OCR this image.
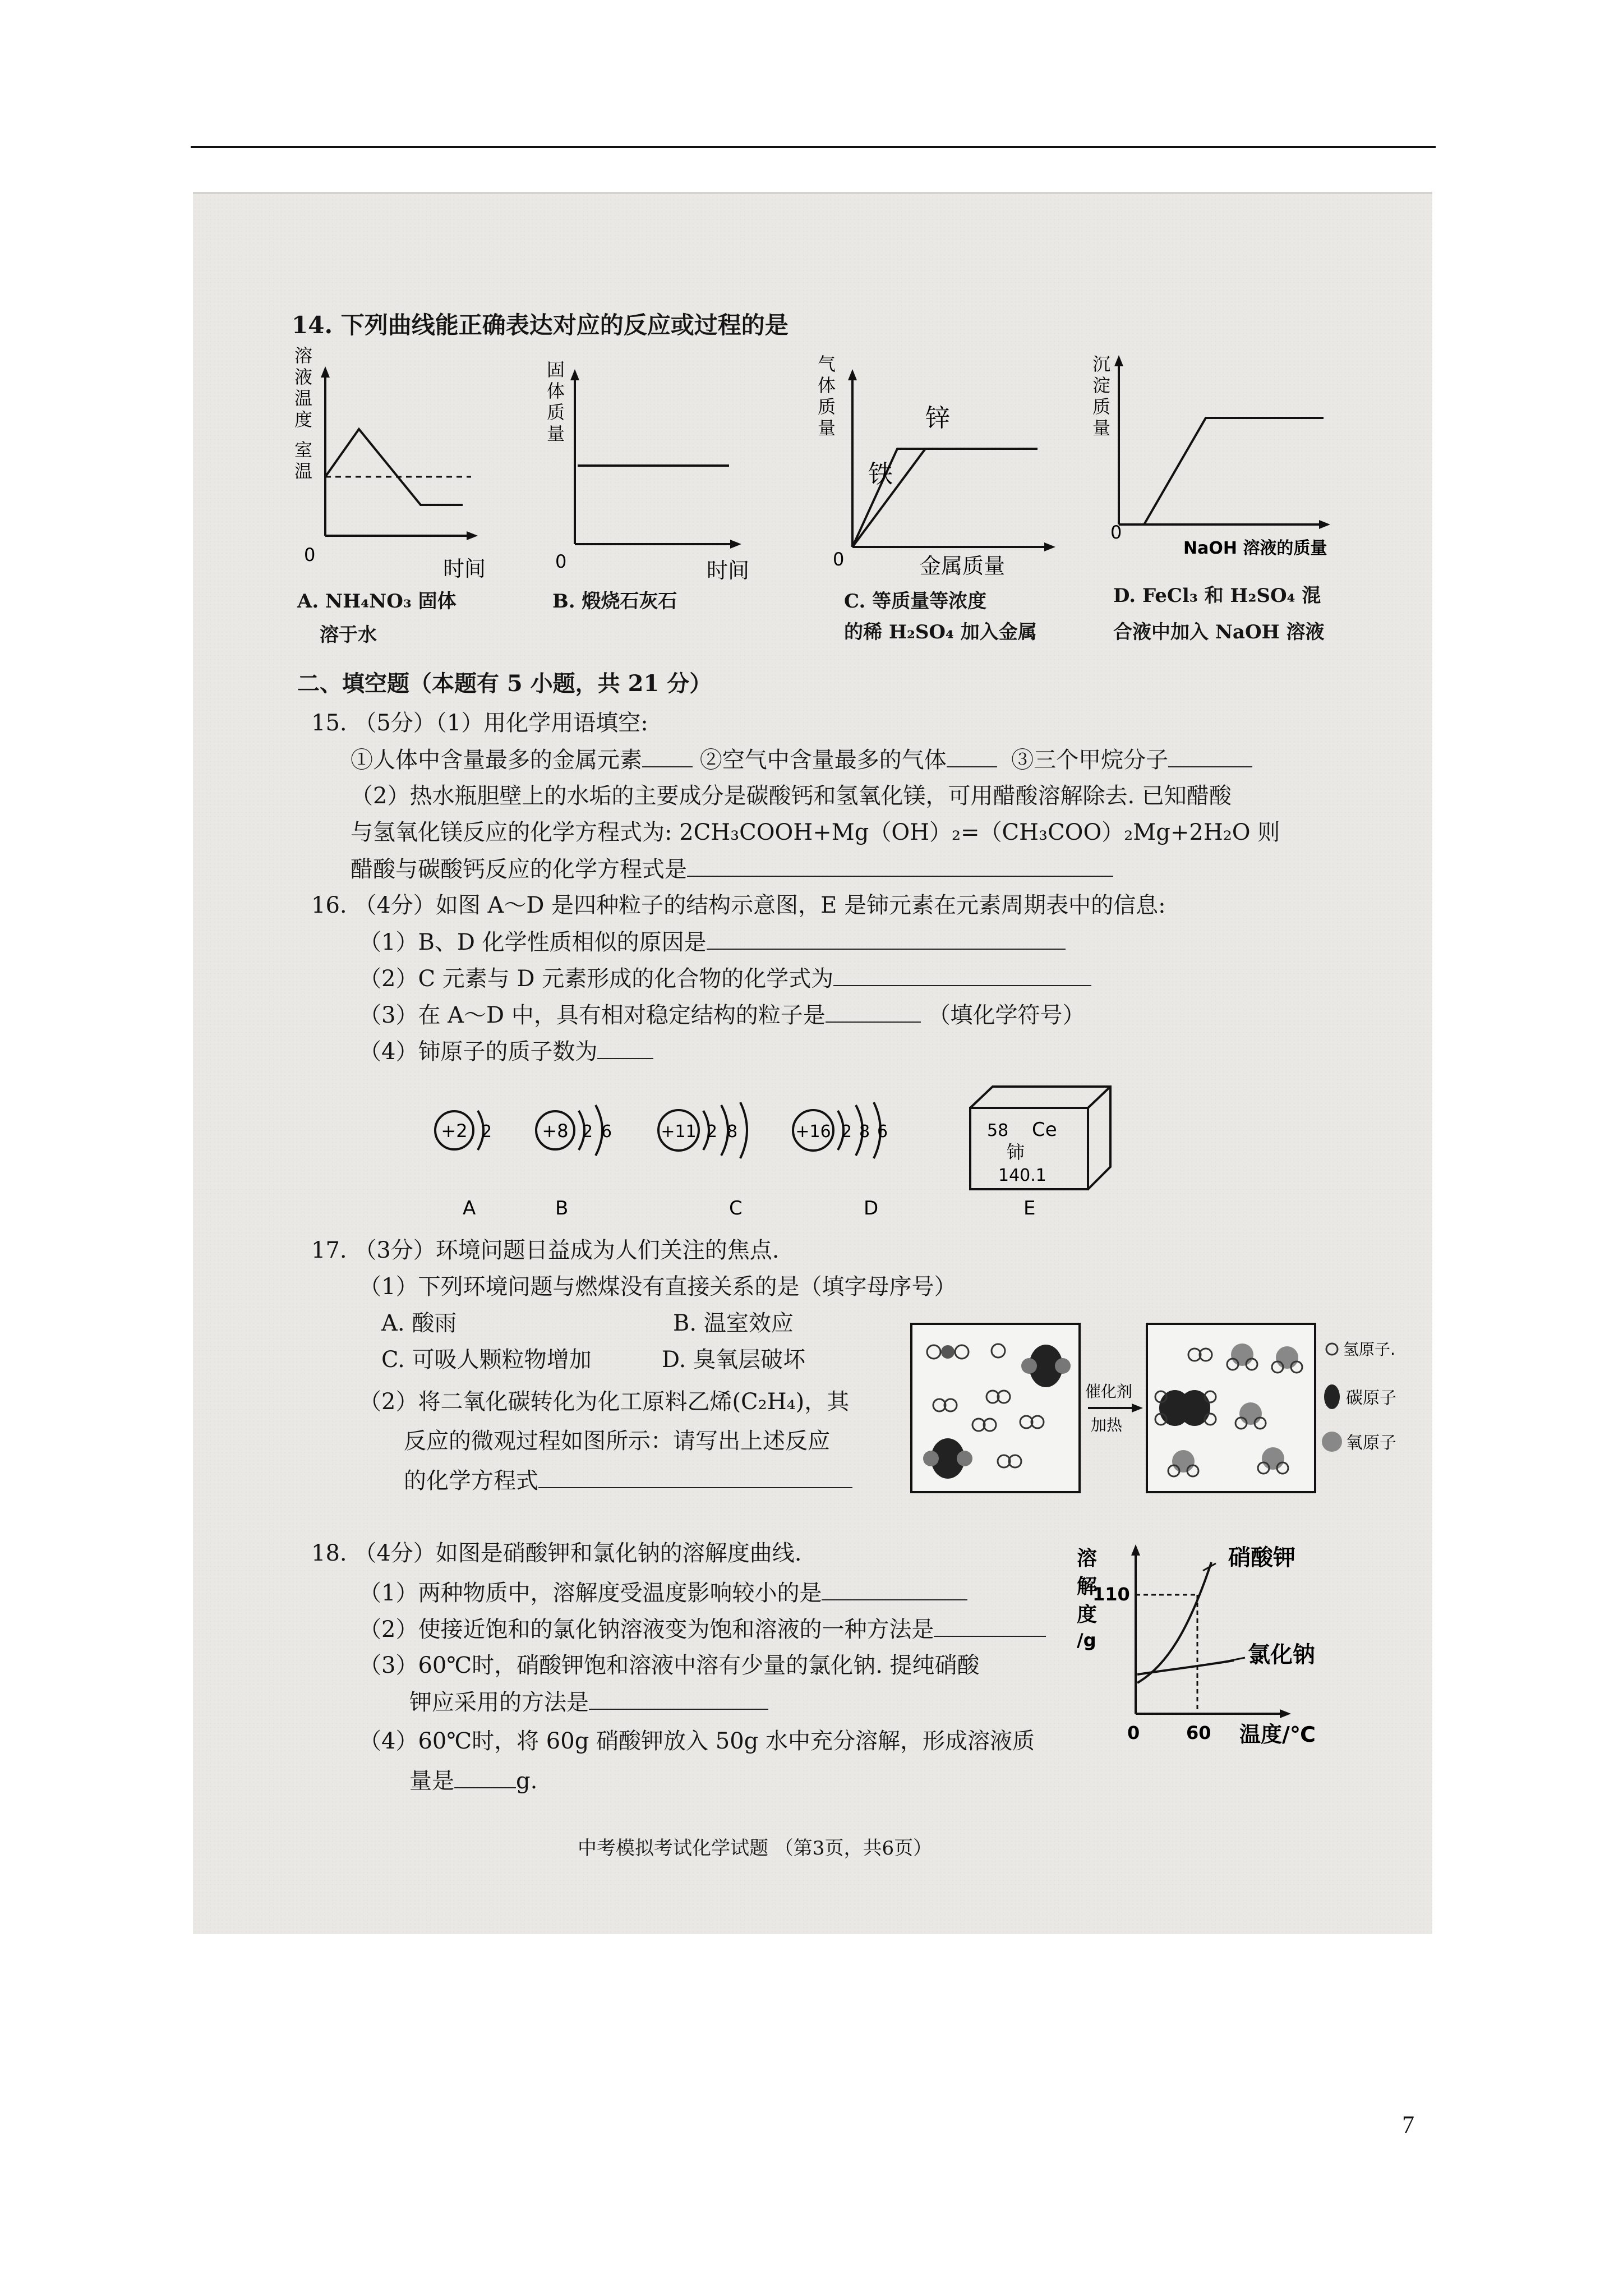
14. 下列曲线能正确表达对应的反应或过程的是
溶
液
温
度
室
温
0
时间
A. NH₄NO₃ 固体
溶于水
固
体
质
量
0	时间
B. 煅烧石灰石
气
体
质
量	锌
铁
0	金属质量
C. 等质量等浓度
的稀 H₂SO₄ 加入金属
沉
淀
质
量
0
NaOH 溶液的质量
D. FeCl₃ 和 H₂SO₄ 混
合液中加入 NaOH 溶液
二、填空题（本题有 5 小题，共 21 分）
15. （5分）（1）用化学用语填空:
①人体中含量最多的金属元素	②空气中含量最多的气体	③三个甲烷分子
（2）热水瓶胆壁上的水垢的主要成分是碳酸钙和氢氧化镁，可用醋酸溶解除去. 已知醋酸
与氢氧化镁反应的化学方程式为: 2CH₃COOH+Mg（OH）₂=（CH₃COO）₂Mg+2H₂O 则
醋酸与碳酸钙反应的化学方程式是
16. （4分）如图 A～D 是四种粒子的结构示意图，E 是铈元素在元素周期表中的信息:
（1）B、D 化学性质相似的原因是
（2）C 元素与 D 元素形成的化合物的化学式为
（3）在 A～D 中，具有相对稳定结构的粒子是	（填化学符号）
（4）铈原子的质子数为
+2 2
A
+8 2 6
B
+11 2 8
C
+16 2 8 6
D
58 Ce
铈
140.1
E
17. （3分）环境问题日益成为人们关注的焦点.
（1）下列环境问题与燃煤没有直接关系的是（填字母序号）
A. 酸雨	B. 温室效应
C. 可吸人颗粒物增加	D. 臭氧层破坏
（2）将二氧化碳转化为化工原料乙烯(C₂H₄)，其
反应的微观过程如图所示：请写出上述反应
的化学方程式
催化剂
加热
氢原子.
碳原子
氧原子
18. （4分）如图是硝酸钾和氯化钠的溶解度曲线.
（1）两种物质中，溶解度受温度影响较小的是
（2）使接近饱和的氯化钠溶液变为饱和溶液的一种方法是
（3）60℃时，硝酸钾饱和溶液中溶有少量的氯化钠. 提纯硝酸
钾应采用的方法是
（4）60℃时，将 60g 硝酸钾放入 50g 水中充分溶解，形成溶液质
量是	g.
溶
解
度
/g
110
硝酸钾
氯化钠
0	60 温度/℃
中考模拟考试化学试题 （第3页，共6页）
7
